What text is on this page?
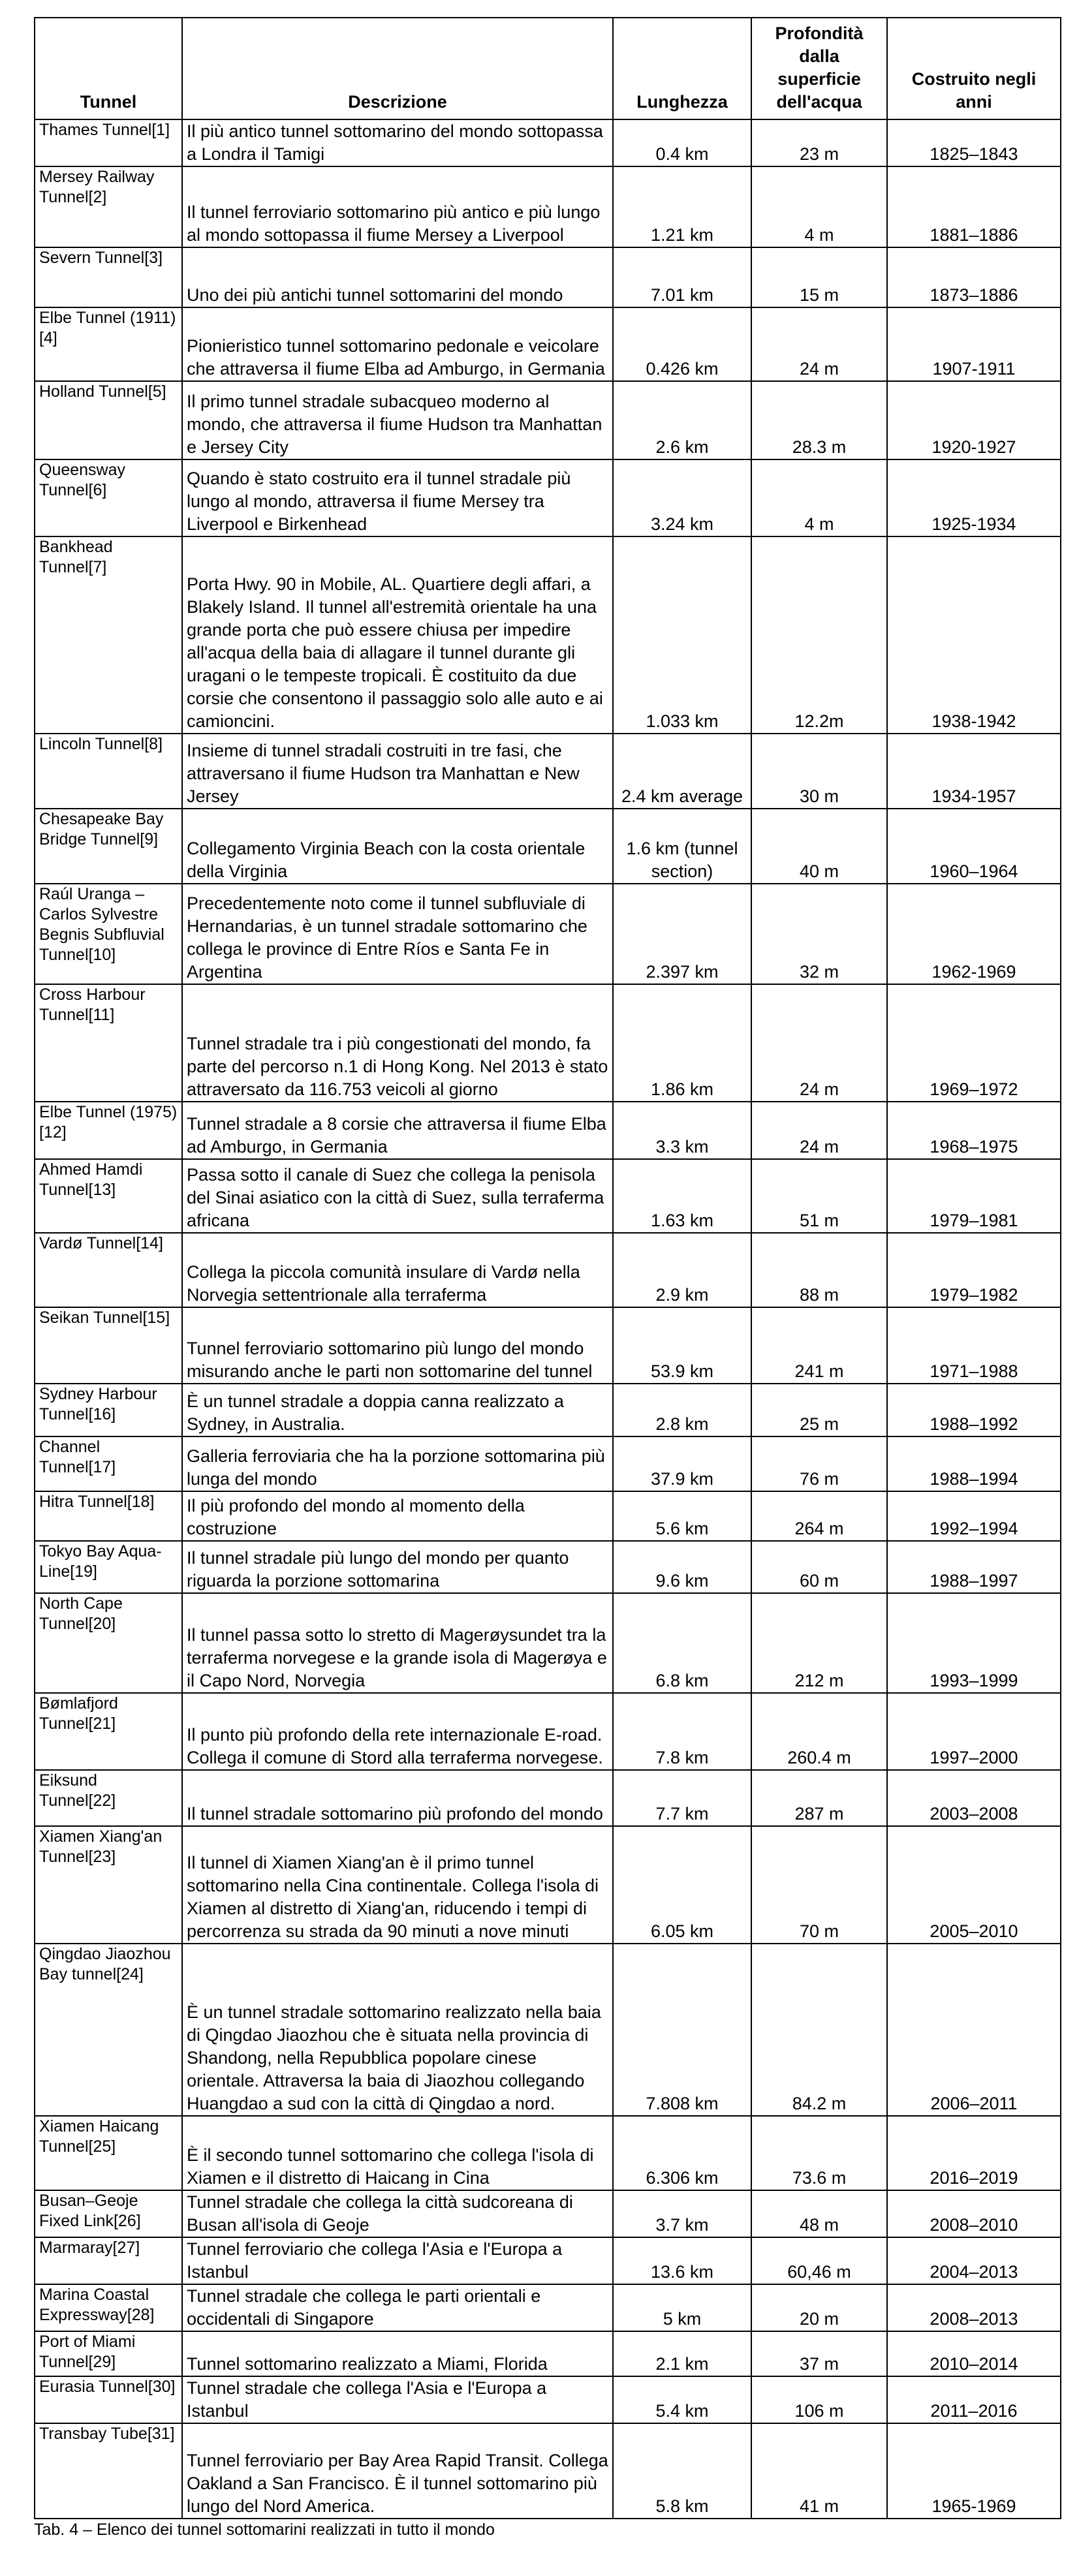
Tunnel	Descrizione	Lunghezza	Profondità dalla superficie dell'acqua	Costruito negli anni
Thames Tunnel[1]	Il più antico tunnel sottomarino del mondo sottopassa a Londra il Tamigi	0.4 km	23 m	1825–1843
Mersey Railway Tunnel[2]	Il tunnel ferroviario sottomarino più antico e più lungo al mondo sottopassa il fiume Mersey a Liverpool	1.21 km	4 m	1881–1886
Severn Tunnel[3]	Uno dei più antichi tunnel sottomarini del mondo	7.01 km	15 m	1873–1886
Elbe Tunnel (1911)[4]	Pionieristico tunnel sottomarino pedonale e veicolare che attraversa il fiume Elba ad Amburgo, in Germania	0.426 km	24 m	1907-1911
Holland Tunnel[5]	Il primo tunnel stradale subacqueo moderno al mondo, che attraversa il fiume Hudson tra Manhattan e Jersey City	2.6 km	28.3 m	1920-1927
Queensway Tunnel[6]	Quando è stato costruito era il tunnel stradale più lungo al mondo, attraversa il fiume Mersey tra Liverpool e Birkenhead	3.24 km	4 m	1925-1934
Bankhead Tunnel[7]	Porta Hwy. 90 in Mobile, AL. Quartiere degli affari, a Blakely Island. Il tunnel all'estremità orientale ha una grande porta che può essere chiusa per impedire all'acqua della baia di allagare il tunnel durante gli uragani o le tempeste tropicali. È costituito da due corsie che consentono il passaggio solo alle auto e ai camioncini.	1.033 km	12.2m	1938-1942
Lincoln Tunnel[8]	Insieme di tunnel stradali costruiti in tre fasi, che attraversano il fiume Hudson tra Manhattan e New Jersey	2.4 km average	30 m	1934-1957
Chesapeake Bay Bridge Tunnel[9]	Collegamento Virginia Beach con la costa orientale della Virginia	1.6 km (tunnel section)	40 m	1960–1964
Raúl Uranga – Carlos Sylvestre Begnis Subfluvial Tunnel[10]	Precedentemente noto come il tunnel subfluviale di Hernandarias, è un tunnel stradale sottomarino che collega le province di Entre Ríos e Santa Fe in Argentina	2.397 km	32 m	1962-1969
Cross Harbour Tunnel[11]	Tunnel stradale tra i più congestionati del mondo, fa parte del percorso n.1 di Hong Kong. Nel 2013 è stato attraversato da 116.753 veicoli al giorno	1.86 km	24 m	1969–1972
Elbe Tunnel (1975)[12]	Tunnel stradale a 8 corsie che attraversa il fiume Elba ad Amburgo, in Germania	3.3 km	24 m	1968–1975
Ahmed Hamdi Tunnel[13]	Passa sotto il canale di Suez che collega la penisola del Sinai asiatico con la città di Suez, sulla terraferma africana	1.63 km	51 m	1979–1981
Vardø Tunnel[14]	Collega la piccola comunità insulare di Vardø nella Norvegia settentrionale alla terraferma	2.9 km	88 m	1979–1982
Seikan Tunnel[15]	Tunnel ferroviario sottomarino più lungo del mondo misurando anche le parti non sottomarine del tunnel	53.9 km	241 m	1971–1988
Sydney Harbour Tunnel[16]	È un tunnel stradale a doppia canna realizzato a Sydney, in Australia.	2.8 km	25 m	1988–1992
Channel Tunnel[17]	Galleria ferroviaria che ha la porzione sottomarina più lunga del mondo	37.9 km	76 m	1988–1994
Hitra Tunnel[18]	Il più profondo del mondo al momento della costruzione	5.6 km	264 m	1992–1994
Tokyo Bay Aqua-Line[19]	Il tunnel stradale più lungo del mondo per quanto riguarda la porzione sottomarina	9.6 km	60 m	1988–1997
North Cape Tunnel[20]	Il tunnel passa sotto lo stretto di Magerøysundet tra la terraferma norvegese e la grande isola di Magerøya e il Capo Nord, Norvegia	6.8 km	212 m	1993–1999
Bømlafjord Tunnel[21]	Il punto più profondo della rete internazionale E-road. Collega il comune di Stord alla terraferma norvegese.	7.8 km	260.4 m	1997–2000
Eiksund Tunnel[22]	Il tunnel stradale sottomarino più profondo del mondo	7.7 km	287 m	2003–2008
Xiamen Xiang'an Tunnel[23]	Il tunnel di Xiamen Xiang'an è il primo tunnel sottomarino nella Cina continentale. Collega l'isola di Xiamen al distretto di Xiang'an, riducendo i tempi di percorrenza su strada da 90 minuti a nove minuti	6.05 km	70 m	2005–2010
Qingdao Jiaozhou Bay tunnel[24]	È un tunnel stradale sottomarino realizzato nella baia di Qingdao Jiaozhou che è situata nella provincia di Shandong, nella Repubblica popolare cinese orientale. Attraversa la baia di Jiaozhou collegando Huangdao a sud con la città di Qingdao a nord.	7.808 km	84.2 m	2006–2011
Xiamen Haicang Tunnel[25]	È il secondo tunnel sottomarino che collega l'isola di Xiamen e il distretto di Haicang in Cina	6.306 km	73.6 m	2016–2019
Busan–Geoje Fixed Link[26]	Tunnel stradale che collega la città sudcoreana di Busan all'isola di Geoje	3.7 km	48 m	2008–2010
Marmaray[27]	Tunnel ferroviario che collega l'Asia e l'Europa a Istanbul	13.6 km	60,46 m	2004–2013
Marina Coastal Expressway[28]	Tunnel stradale che collega le parti orientali e occidentali di Singapore	5 km	20 m	2008–2013
Port of Miami Tunnel[29]	Tunnel sottomarino realizzato a Miami, Florida	2.1 km	37 m	2010–2014
Eurasia Tunnel[30]	Tunnel stradale che collega l'Asia e l'Europa a Istanbul	5.4 km	106 m	2011–2016
Transbay Tube[31]	Tunnel ferroviario per Bay Area Rapid Transit. Collega Oakland a San Francisco. È il tunnel sottomarino più lungo del Nord America.	5.8 km	41 m	1965-1969
Tab. 4 – Elenco dei tunnel sottomarini realizzati in tutto il mondo
